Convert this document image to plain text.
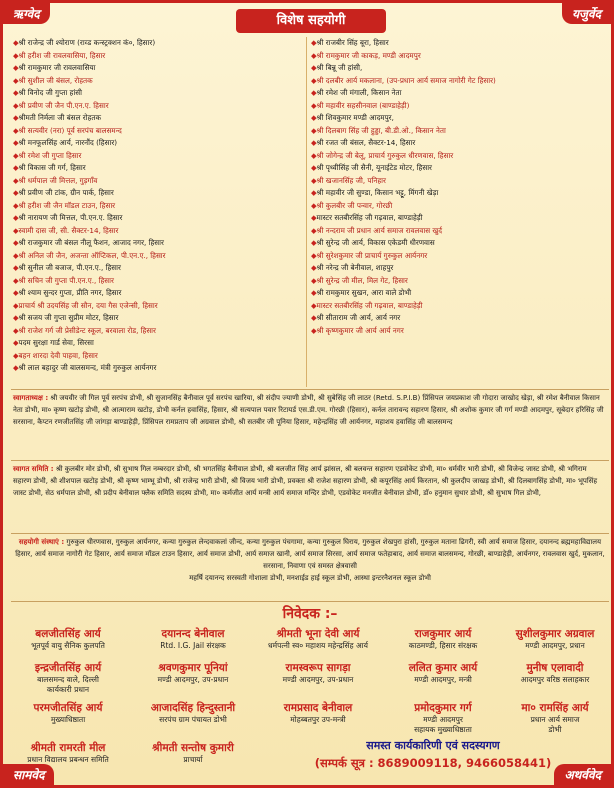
ऋग्वेद	यजुर्वेद
सामवेद	अथर्ववेद
विशेष सहयोगी
◆ श्री राजेन्द्र जी श्योराण (राव्ड कन्स्ट्रक्शन कं०, हिसार)
◆ श्री हरीश जी रावलवासिया, हिसार
◆ श्री रामकुमार जी रावलवासिया
◆ श्री सुशील जी बंसल, रोहतक
◆ श्री विनोद जी गुप्ता हांसी
◆ श्री प्रवीण जी जैन पी.एन.ए. हिसार
◆ श्रीमती निर्मला जी बंसल रोहतक
◆ श्री सत्यवीर (नरा) पूर्व सरपंच बालसमन्द
◆ श्री मनफूलसिंह आर्य, नारनौंद (हिसार)
◆ श्री रमेश जी गुप्ता हिसार
◆ श्री विकास जी गर्ग, हिसार
◆ श्री धर्मपाल जी मित्तल, गुड़गाँव
◆ श्री प्रवीण जी टांक, ग्रीन पार्क, हिसार
◆ श्री हरीश जी जैन मॉडल टाउन, हिसार
◆ श्री नारायण जी मित्तल, पी.एन.ए. हिसार
◆ स्वामी दास जी, सी. सैक्टर-14, हिसार
◆ श्री राजकुमार जी बंसल नीलू फैशन, आजाद नगर, हिसार
◆ श्री अनिल जी जैन, अजन्ता ऑप्टिकल, पी.एन.ए., हिसार
◆ श्री सुनील जी बजाज, पी.एन.ए., हिसार
◆ श्री सचिन जी गुप्ता पी.एन.ए., हिसार
◆ श्री श्याम सुन्दर गुप्ता, प्रीति नगर, हिसार
◆ प्राचार्य श्री उदयसिंह जी सौन, दया गैस एजेन्सी, हिसार
◆ श्री सजय जी गुप्ता सुप्रीम मोटर, हिसार
◆ श्री राजेश गर्ग जी प्रेसीडेन्ट स्कूल, बरवाला रोड, हिसार
◆ पदम सुरक्षा गार्ड सेवा, सिरसा
◆ बहन शारदा देवी पाहवा, हिसार
◆ श्री लाल बहादुर जी बालसमन्द, मंत्री गुरुकुल आर्यनगर
◆ श्री राजबीर सिंह बूरा, हिसार
◆ श्री रामकुमार जी काकड़, मण्डी आदमपुर
◆ श्री बिन्नू जी हांसी,
◆ श्री दलबीर आर्य मकलाना, (उप-प्रधान आर्य समाज नागोरी गेट हिसार)
◆ श्री रमेश जी मंगाली, किसान नेता
◆ श्री महावीर सहसीनवाल (बाण्डाहेड़ी)
◆ श्री शिवकुमार मण्डी आदमपुर,
◆ श्री दिलबाग सिंह जी हुड्डा, बी.डी.ओ., किसान नेता
◆ श्री रजत जी बंसल, सैक्टर-14, हिसार
◆ श्री जोगेन्द्र जी बेलू, प्राचार्य गुरुकुल धीरणवास, हिसार
◆ श्री पृथ्वीसिंह जी सैनी, यूनाईटेड मोटर, हिसार
◆ श्री खजानसिंह जी, पनिहार
◆ श्री महावीर जी सुण्डा, किसान भट्टू, मिंगनी खेड़ा
◆ श्री कुलबीर जी पन्वार, गोरछी
◆ मास्टर सतबीरसिंह जी गढ़वाल, बाण्डाहेड़ी
◆ श्री नन्दराम जी प्रधान आर्य समाज रावलवास खुर्द
◆ श्री सुरेन्द्र जी आर्य, विकास एकेडमी धीरणवास
◆ श्री सुरेशकुमार जी प्राचार्य गुरुकुल आर्यनगर
◆ श्री नरेन्द्र जी बेनीवाल, शाहपुर
◆ श्री सुरेन्द्र जी मील, मिल गेट, हिसार
◆ श्री रामकुमार सुखन, आरा वाले डोभी
◆ मास्टर सतबीरसिंह जी गढ़वाल, बाण्डाहेड़ी
◆ श्री सीताराम जी आर्य, आर्य नगर
◆ श्री कृष्णकुमार जी आर्य आर्य नगर
स्वागताध्यक्ष : श्री जयवीर जी गिल पूर्व सरपंच डोभी, श्री सुजानसिंह बैनीवाल पूर्व सरपंच खारिया, श्री संदीप ज्याणी डोभी, श्री सुबेसिंह जी लाठर (Retd. S.P.I.B) प्रिंसिपल जयप्रकाश जी गोदारा जाखोद खेड़ा, श्री रमेश बैनीवाल किसान नेता डोभी, मा० कृष्ण खटोड़ डोभी, श्री आत्माराम खटोड़, डोभी कर्नल हवासिंह, हिसार, श्री सत्यपाल पवार रिटायर्ड एस.डी.एम. गोरछी (हिसार), कर्नल तारावन्द सहारण हिसार, श्री अशोक कुमार जी गर्ग मण्डी आदमपुर, सूबेदार हरिसिंह जी सरसाना, कैप्टन रणजीतसिंह जी जांगड़ा बाण्डाहेड़ी, प्रिंसिपल रामप्रताप जी अग्रवाल डोभी, श्री सतबीर जी पूनिया हिसार, महेन्द्रसिंह जी आर्यनगर, महाशय हवासिंह जी बालसमन्द
स्वागत समिति : श्री कुलबीर मोर डोभी, श्री सुभाष गिल नम्बरदार डोभी, श्री भगतसिंह बैनीवाल डोभी, श्री बलजीत सिंह आर्य झांसल, श्री बलवन्त सहारण एडवोकेट डोभी, मा० धर्मवीर भारी डोभी, श्री विजेन्द्र जास्ट डोभी, श्री भगिराम सहारण डोभी, श्री शीशपाल खटोड़ डोभी, श्री कृष्ण भाम्भू डोभी, श्री राजेन्द्र भारी डोभी, श्री विजय भारी डोभी, प्रवक्ता श्री राजेश सहारण डोभी, श्री कपूरसिंह आर्य किरतान, श्री कुलदीप जाखड़ डोभी, श्री दिलबागसिंह डोभी, मा० भूपसिंह जास्ट डोभी, सेठ धर्मपाल डोभी, श्री प्रदीप बेनीवाल फ्लैक समिति सदस्य डोभी, मा० कर्मजीत आर्य मन्त्री आर्य समाज मन्दिर डोभी, एडवोकेट मनजीत बेनीवाल डोभी, डॉ० हनुमान सुथार डोभी, श्री सुभाष गिल डोभी,
सहयोगी संस्थाएं : गुरुकुल धीरणवास, गुरुकुल आर्यनगर, कन्या गुरुकुल लेन्दवाकलां जीन्द, कन्या गुरुकुल पंचगामा, कन्या गुरुकुल घिराय, गुरुकुल शेखपुरा हांसी, गुरुकुल मताना ढिगरी, स्वी आर्य समाज हिसार, दयानन्द ब्रह्ममहाविद्यालय हिसार, आर्य समाज नागोरी गेट हिसार, आर्य समाज मॉडल टाउन हिसार, आर्य समाज डोभी, आर्य समाज खानी, आर्य समाज सिरसा, आर्य समाज फतेहाबाद, आर्य समाज बालसमन्द, गोरछी, बाण्डाहेड़ी, आर्यनगर, रावलवास खुर्द, मुकलान, सरसाना, निवाणा एवं समस्त क्षेत्रवासी
महर्षि दयानन्द सरस्वती गोशाला डोभी, मनशाईड हाई स्कूल डोभी, आस्था इन्टरनैशनल स्कूल डोभी
निवेदक :–
बलजीतसिंह आर्य
भूतपूर्व वायु सैनिक कुलपति
दयानन्द बेनीवाल
Rtd. I.G. Jail संरक्षक
श्रीमती भूना देवी आर्य
धर्मपत्नी स्व० महाशय महेन्द्रसिंह आर्य
राजकुमार आर्य
काठमण्डी, हिसार संरक्षक
सुशीलकुमार अग्रवाल
मण्डी आदमपुर, प्रधान
इन्द्रजीतसिंह आर्य
बालसमन्द वाले, दिल्ली
कार्यकारी प्रधान
श्रवणकुमार पूनियां
मण्डी आदमपुर, उप-प्रधान
रामस्वरूप सागड़ा
मण्डी आदमपुर, उप-प्रधान
ललित कुमार आर्य
मण्डी आदमपुर, मन्त्री
मुनीष एलावादी
आदमपुर वरिष्ठ सलाहकार
परमजीतसिंह आर्य
मुख्याधिष्ठाता
आजादसिंह हिन्दुस्तानी
सरपंच ग्राम पंचायत डोभी
रामप्रसाद बेनीवाल
मोहब्बतपुर उप-मन्त्री
प्रमोदकुमार गर्ग
मण्डी आदमपुर
सहायक मुख्याधिष्ठाता
मा० रामसिंह आर्य
प्रधान आर्य समाज
डोभी
श्रीमती रामरती मील
प्रधान विद्यालय प्रबन्धन समिति
श्रीमती सन्तोष कुमारी
प्राचार्या
समस्त कार्यकारिणी एवं सदस्यगण
(सम्पर्क सूत्र : 8689009118, 9466058441)
